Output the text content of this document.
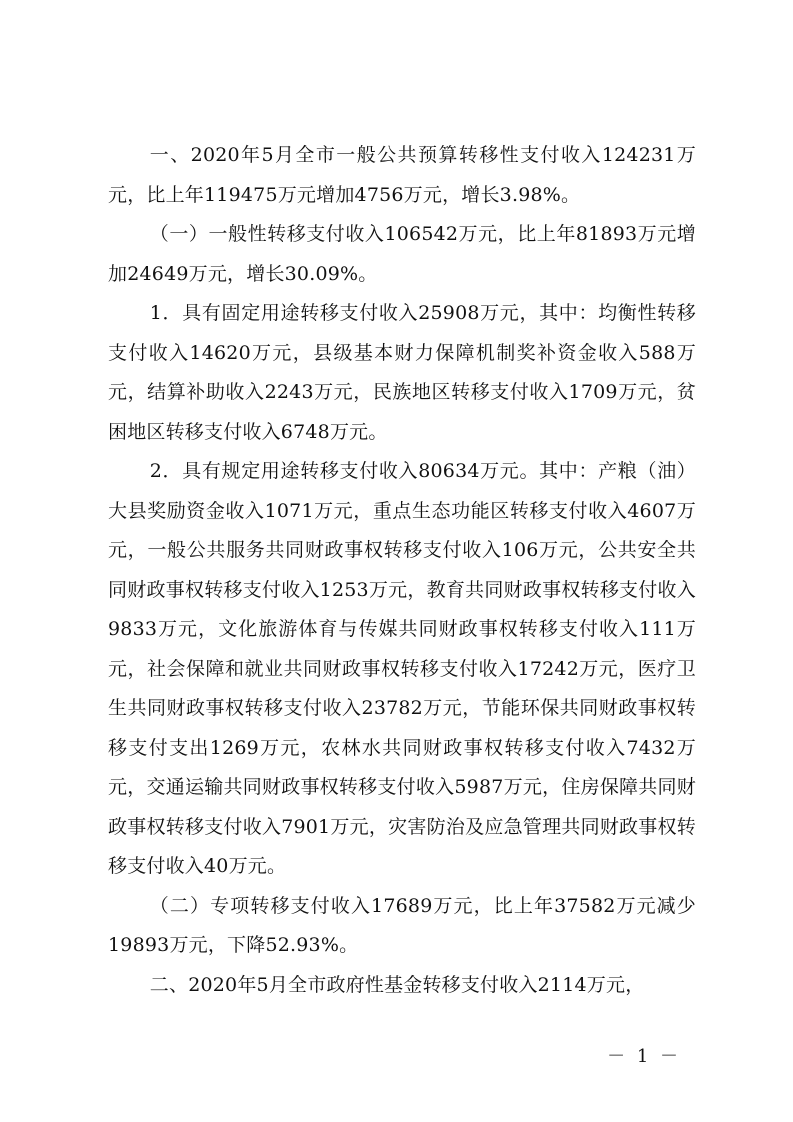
一、2020年5月全市一般公共预算转移性支付收入124231万元，比上年119475万元增加4756万元，增长3.98%。

（一）一般性转移支付收入106542万元，比上年81893万元增加24649万元，增长30.09%。

1．具有固定用途转移支付收入25908万元，其中：均衡性转移支付收入14620万元，县级基本财力保障机制奖补资金收入588万元，结算补助收入2243万元，民族地区转移支付收入1709万元，贫困地区转移支付收入6748万元。

2．具有规定用途转移支付收入80634万元。其中：产粮（油）大县奖励资金收入1071万元，重点生态功能区转移支付收入4607万元，一般公共服务共同财政事权转移支付收入106万元，公共安全共同财政事权转移支付收入1253万元，教育共同财政事权转移支付收入9833万元，文化旅游体育与传媒共同财政事权转移支付收入111万元，社会保障和就业共同财政事权转移支付收入17242万元，医疗卫生共同财政事权转移支付收入23782万元，节能环保共同财政事权转移支付支出1269万元，农林水共同财政事权转移支付收入7432万元，交通运输共同财政事权转移支付收入5987万元，住房保障共同财政事权转移支付收入7901万元，灾害防治及应急管理共同财政事权转移支付收入40万元。

（二）专项转移支付收入17689万元，比上年37582万元减少19893万元，下降52.93%。

二、2020年5月全市政府性基金转移支付收入2114万元，

－ 1 －
